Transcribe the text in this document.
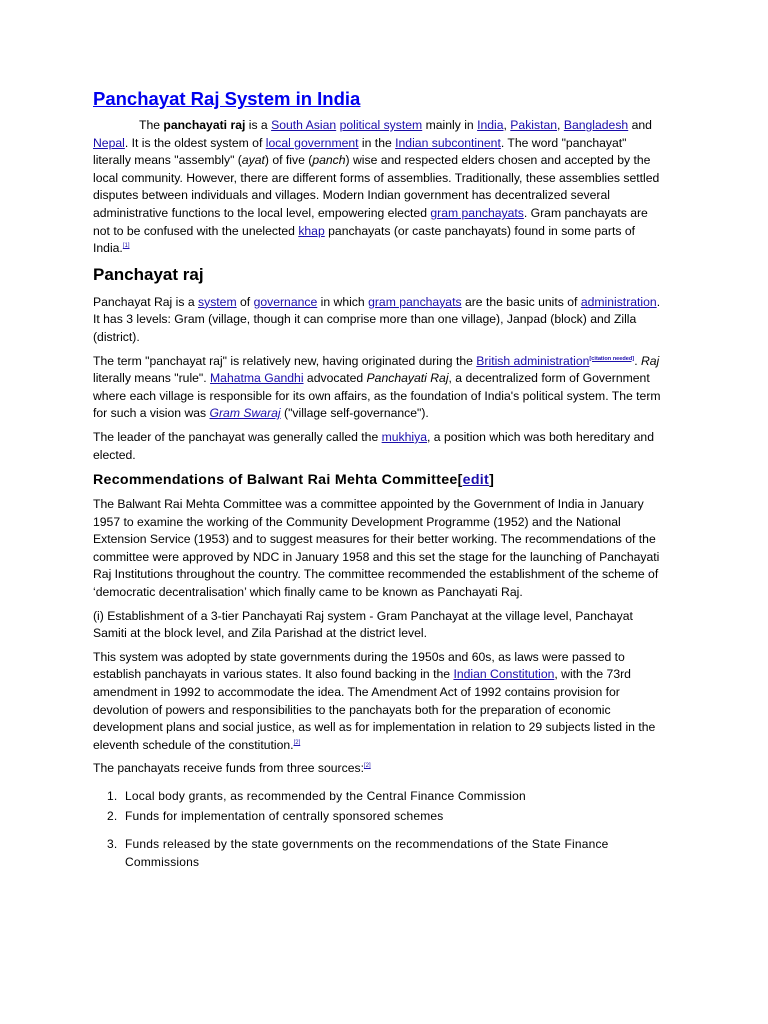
Panchayat Raj System in India

The panchayati raj is a South Asian political system mainly in India, Pakistan, Bangladesh and Nepal. It is the oldest system of local government in the Indian subcontinent. The word "panchayat" literally means "assembly" (ayat) of five (panch) wise and respected elders chosen and accepted by the local community. However, there are different forms of assemblies. Traditionally, these assemblies settled disputes between individuals and villages. Modern Indian government has decentralized several administrative functions to the local level, empowering elected gram panchayats. Gram panchayats are not to be confused with the unelected khap panchayats (or caste panchayats) found in some parts of India.[1]

Panchayat raj

Panchayat Raj is a system of governance in which gram panchayats are the basic units of administration. It has 3 levels: Gram (village, though it can comprise more than one village), Janpad (block) and Zilla (district).

The term "panchayat raj" is relatively new, having originated during the British administration[citation needed]. Raj literally means "rule". Mahatma Gandhi advocated Panchayati Raj, a decentralized form of Government where each village is responsible for its own affairs, as the foundation of India's political system. The term for such a vision was Gram Swaraj ("village self-governance").

The leader of the panchayat was generally called the mukhiya, a position which was both hereditary and elected.

Recommendations of Balwant Rai Mehta Committee[edit]

The Balwant Rai Mehta Committee was a committee appointed by the Government of India in January 1957 to examine the working of the Community Development Programme (1952) and the National Extension Service (1953) and to suggest measures for their better working. The recommendations of the committee were approved by NDC in January 1958 and this set the stage for the launching of Panchayati Raj Institutions throughout the country. The committee recommended the establishment of the scheme of ‘democratic decentralisation’ which finally came to be known as Panchayati Raj.

(i) Establishment of a 3-tier Panchayati Raj system - Gram Panchayat at the village level, Panchayat Samiti at the block level, and Zila Parishad at the district level.

This system was adopted by state governments during the 1950s and 60s, as laws were passed to establish panchayats in various states. It also found backing in the Indian Constitution, with the 73rd amendment in 1992 to accommodate the idea. The Amendment Act of 1992 contains provision for devolution of powers and responsibilities to the panchayats both for the preparation of economic development plans and social justice, as well as for implementation in relation to 29 subjects listed in the eleventh schedule of the constitution.[2]

The panchayats receive funds from three sources:[2]

1. Local body grants, as recommended by the Central Finance Commission
2. Funds for implementation of centrally sponsored schemes
3. Funds released by the state governments on the recommendations of the State Finance Commissions
